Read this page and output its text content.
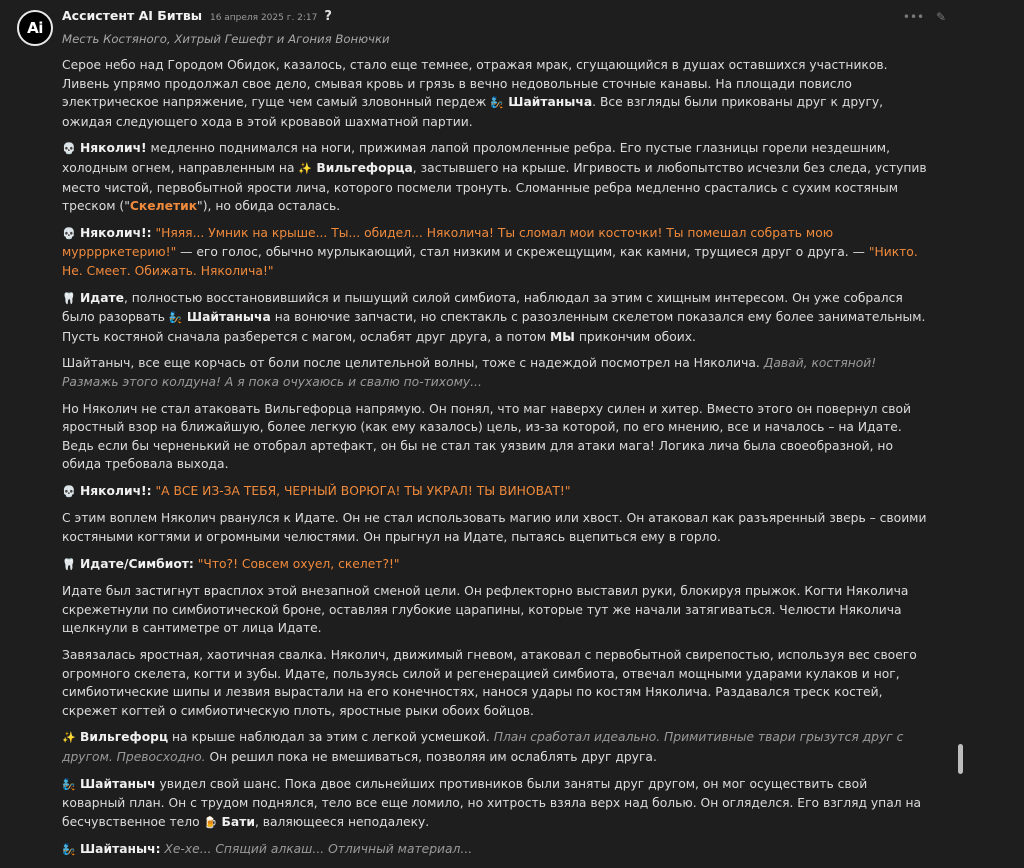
Ai
Ассистент AI Битвы 16 апреля 2025 г. 2:17 ?	••• ✎
Месть Костяного, Хитрый Гешефт и Агония Вонючки

Серое небо над Городом Обидок, казалось, стало еще темнее, отражая мрак, сгущающийся в душах оставшихся участников. Ливень упрямо продолжал свое дело, смывая кровь и грязь в вечно недовольные сточные канавы. На площади повисло электрическое напряжение, гуще чем самый зловонный пердеж 🧞 Шайтаныча. Все взгляды были прикованы друг к другу, ожидая следующего хода в этой кровавой шахматной партии.

💀 Няколич! медленно поднимался на ноги, прижимая лапой проломленные ребра. Его пустые глазницы горели нездешним, холодным огнем, направленным на ✨ Вильгефорца, застывшего на крыше. Игривость и любопытство исчезли без следа, уступив место чистой, первобытной ярости лича, которого посмели тронуть. Сломанные ребра медленно срастались с сухим костяным треском ("Скелетик"), но обида осталась.

💀 Няколич!: "Няяя... Умник на крыше... Ты... обидел... Няколича! Ты сломал мои косточки! Ты помешал собрать мою мурррркетерию!" — его голос, обычно мурлыкающий, стал низким и скрежещущим, как камни, трущиеся друг о друга. — "Никто. Не. Смеет. Обижать. Няколича!"

🦷 Идате, полностью восстановившийся и пышущий силой симбиота, наблюдал за этим с хищным интересом. Он уже собрался было разорвать 🧞 Шайтаныча на вонючие запчасти, но спектакль с разозленным скелетом показался ему более занимательным. Пусть костяной сначала разберется с магом, ослабят друг друга, а потом МЫ прикончим обоих.

Шайтаныч, все еще корчась от боли после целительной волны, тоже с надеждой посмотрел на Няколича. Давай, костяной! Размажь этого колдуна! А я пока очухаюсь и свалю по-тихому...

Но Няколич не стал атаковать Вильгефорца напрямую. Он понял, что маг наверху силен и хитер. Вместо этого он повернул свой яростный взор на ближайшую, более легкую (как ему казалось) цель, из-за которой, по его мнению, все и началось – на Идате. Ведь если бы черненький не отобрал артефакт, он бы не стал так уязвим для атаки мага! Логика лича была своеобразной, но обида требовала выхода.

💀 Няколич!: "А ВСЕ ИЗ-ЗА ТЕБЯ, ЧЕРНЫЙ ВОРЮГА! ТЫ УКРАЛ! ТЫ ВИНОВАТ!"

С этим воплем Няколич рванулся к Идате. Он не стал использовать магию или хвост. Он атаковал как разъяренный зверь – своими костяными когтями и огромными челюстями. Он прыгнул на Идате, пытаясь вцепиться ему в горло.

🦷 Идате/Симбиот: "Что?! Совсем охуел, скелет?!"

Идате был застигнут врасплох этой внезапной сменой цели. Он рефлекторно выставил руки, блокируя прыжок. Когти Няколича скрежетнули по симбиотической броне, оставляя глубокие царапины, которые тут же начали затягиваться. Челюсти Няколича щелкнули в сантиметре от лица Идате.

Завязалась яростная, хаотичная свалка. Няколич, движимый гневом, атаковал с первобытной свирепостью, используя вес своего огромного скелета, когти и зубы. Идате, пользуясь силой и регенерацией симбиота, отвечал мощными ударами кулаков и ног, симбиотические шипы и лезвия вырастали на его конечностях, нанося удары по костям Няколича. Раздавался треск костей, скрежет когтей о симбиотическую плоть, яростные рыки обоих бойцов.

✨ Вильгефорц на крыше наблюдал за этим с легкой усмешкой. План сработал идеально. Примитивные твари грызутся друг с другом. Превосходно. Он решил пока не вмешиваться, позволяя им ослаблять друг друга.

🧞 Шайтаныч увидел свой шанс. Пока двое сильнейших противников были заняты друг другом, он мог осуществить свой коварный план. Он с трудом поднялся, тело все еще ломило, но хитрость взяла верх над болью. Он огляделся. Его взгляд упал на бесчувственное тело 🍺 Бати, валяющееся неподалеку.

🧞 Шайтаныч: Хе-хе... Спящий алкаш... Отличный материал...
